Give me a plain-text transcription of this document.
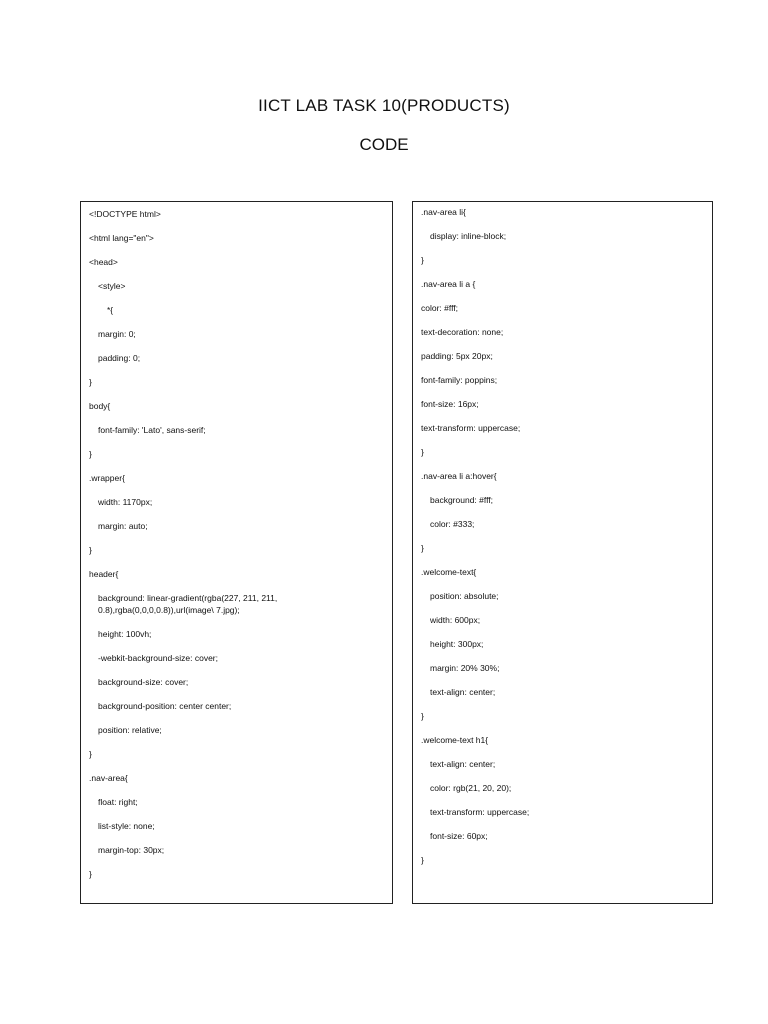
IICT LAB TASK 10(PRODUCTS)
CODE
<!DOCTYPE html>
<html lang="en">
<head>
<style>
*{
margin: 0;
padding: 0;
}
body{
font-family: 'Lato', sans-serif;
}
.wrapper{
width: 1170px;
margin: auto;
}
header{
background: linear-gradient(rgba(227, 211, 211, 0.8),rgba(0,0,0,0.8)),url(image\ 7.jpg);
height: 100vh;
-webkit-background-size: cover;
background-size: cover;
background-position: center center;
position: relative;
}
.nav-area{
float: right;
list-style: none;
margin-top: 30px;
}
.nav-area li{
display: inline-block;
}
.nav-area li a {
color: #fff;
text-decoration: none;
padding: 5px 20px;
font-family: poppins;
font-size: 16px;
text-transform: uppercase;
}
.nav-area li a:hover{
background: #fff;
color: #333;
}
.welcome-text{
position: absolute;
width: 600px;
height: 300px;
margin: 20% 30%;
text-align: center;
}
.welcome-text h1{
text-align: center;
color: rgb(21, 20, 20);
text-transform: uppercase;
font-size: 60px;
}
